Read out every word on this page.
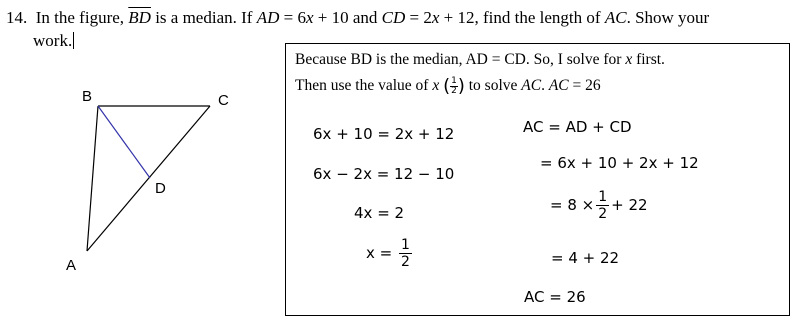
14. In the figure, $\overline{BD}$ is a median. If AD = 6x + 10 and CD = 2x + 12, find the length of AC. Show your
work.
B	C
D
A
Because BD is the median, AD = CD. So, I solve for x first.
Then use the value of x ( $\frac{1}{2}$ ) to solve AC. AC = 26
6x + 10 = 2x + 12
6x − 2x = 12 − 10
4x = 2
$x = \frac{1}{2}$
AC = AD + CD
= 6x + 10 + 2x + 12
= $8 \times \frac{1}{2} + 22$
= 4 + 22
AC = 26
